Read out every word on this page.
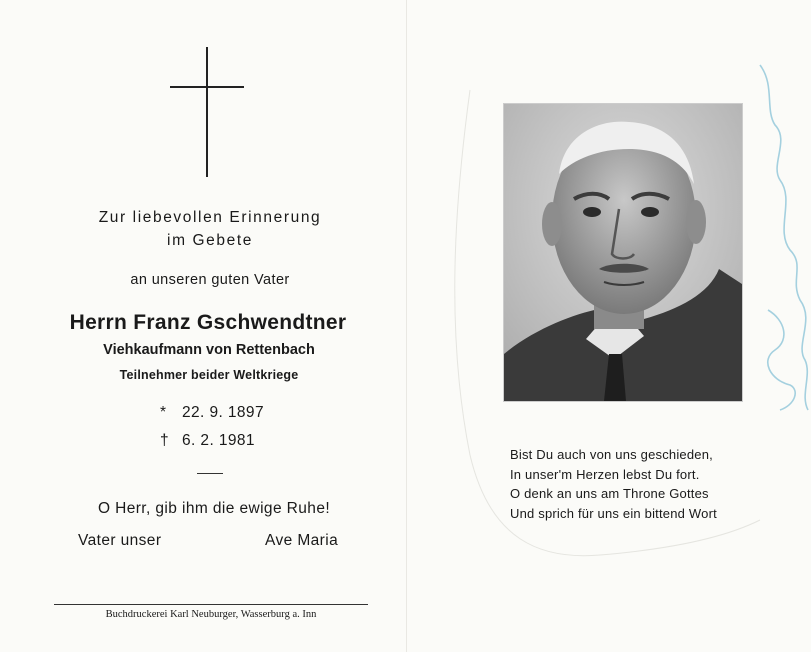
Zur liebevollen Erinnerung
im Gebete
an unseren guten Vater
Herrn Franz Gschwendtner
Viehkaufmann von Rettenbach
Teilnehmer beider Weltkriege
* 22. 9. 1897
† 6. 2. 1981
O Herr, gib ihm die ewige Ruhe!
Vater unser	Ave Maria
Buchdruckerei Karl Neuburger, Wasserburg a. Inn
Bist Du auch von uns geschieden,
In unser'm Herzen lebst Du fort.
O denk an uns am Throne Gottes
Und sprich für uns ein bittend Wort
